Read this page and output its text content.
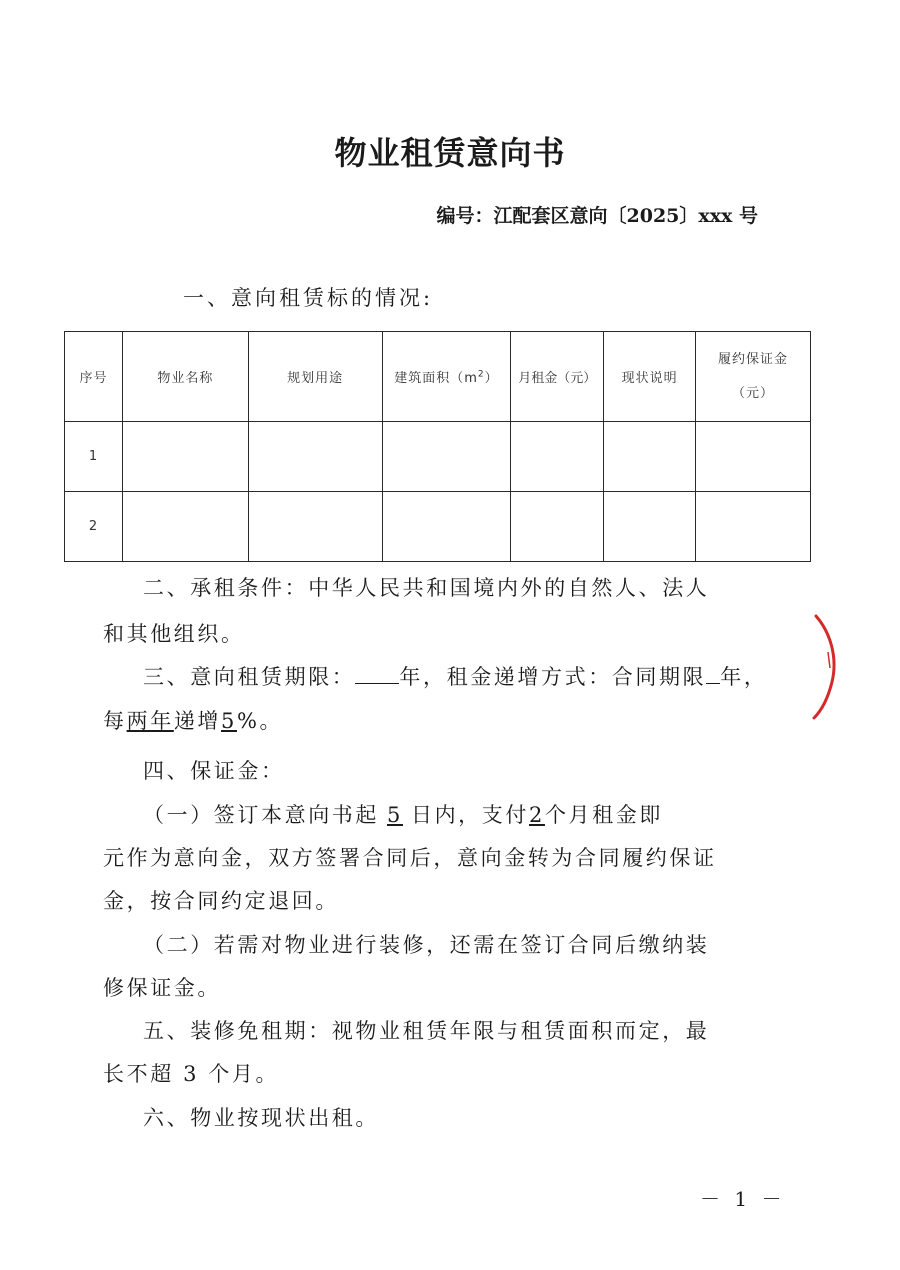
物业租赁意向书
编号：江配套区意向〔2025〕xxx 号
一、意向租赁标的情况:
序号	物业名称	规划用途	建筑面积$(m^2)$	月租金（元）	现状说明	履约保证金
（元）
1						
2						
二、承租条件：中华人民共和国境内外的自然人、法人
和其他组织。
三、意向租赁期限： 年，租金递增方式：合同期限 年，
每两年递增5%。
四、保证金：
（一）签订本意向书起 5 日内，支付2个月租金即
元作为意向金，双方签署合同后，意向金转为合同履约保证
金，按合同约定退回。
（二）若需对物业进行装修，还需在签订合同后缴纳装
修保证金。
五、装修免租期：视物业租赁年限与租赁面积而定，最
长不超 3 个月。
六、物业按现状出租。
－ 1 －
